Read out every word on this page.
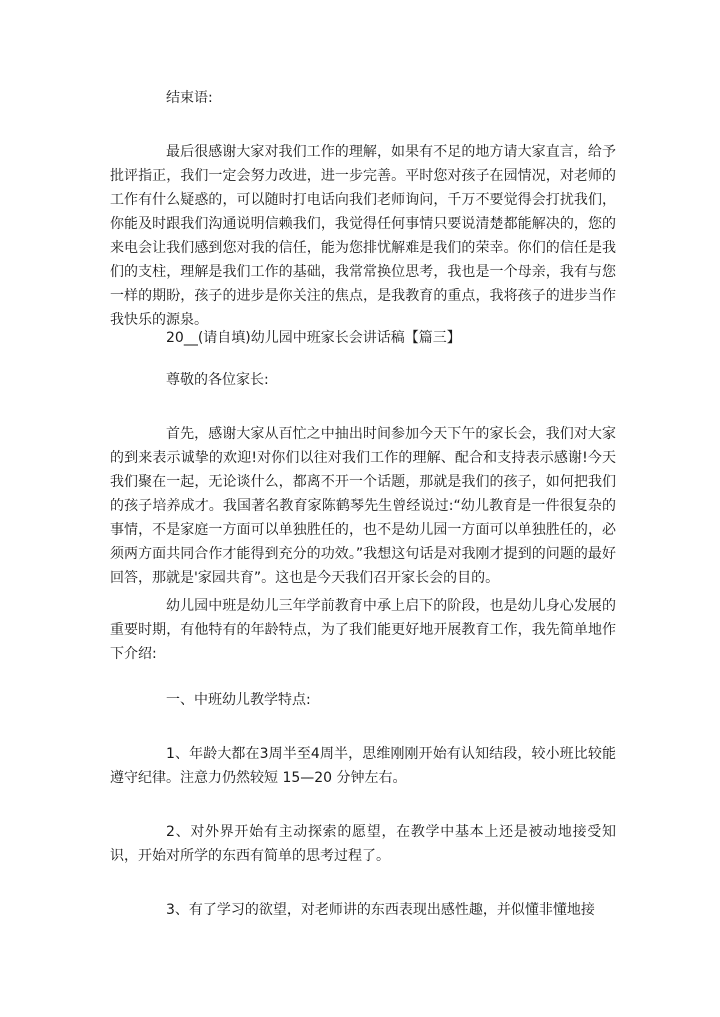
结束语:

最后很感谢大家对我们工作的理解，如果有不足的地方请大家直言，给予批评指正，我们一定会努力改进，进一步完善。平时您对孩子在园情况，对老师的工作有什么疑惑的，可以随时打电话向我们老师询问，千万不要觉得会打扰我们，你能及时跟我们沟通说明信赖我们，我觉得任何事情只要说清楚都能解决的，您的来电会让我们感到您对我的信任，能为您排忧解难是我们的荣幸。你们的信任是我们的支柱，理解是我们工作的基础，我常常换位思考，我也是一个母亲，我有与您一样的期盼，孩子的进步是你关注的焦点，是我教育的重点，我将孩子的进步当作我快乐的源泉。

20__(请自填)幼儿园中班家长会讲话稿【篇三】

尊敬的各位家长:

首先，感谢大家从百忙之中抽出时间参加今天下午的家长会，我们对大家的到来表示诚挚的欢迎!对你们以往对我们工作的理解、配合和支持表示感谢!今天我们聚在一起，无论谈什么，都离不开一个话题，那就是我们的孩子，如何把我们的孩子培养成才。我国著名教育家陈鹤琴先生曾经说过:“幼儿教育是一件很复杂的事情，不是家庭一方面可以单独胜任的，也不是幼儿园一方面可以单独胜任的，必须两方面共同合作才能得到充分的功效。”我想这句话是对我刚才提到的问题的最好回答，那就是'家园共育”。这也是今天我们召开家长会的目的。

幼儿园中班是幼儿三年学前教育中承上启下的阶段，也是幼儿身心发展的重要时期，有他特有的年龄特点，为了我们能更好地开展教育工作，我先简单地作下介绍:

一、中班幼儿教学特点:

1、年龄大都在3周半至4周半，思维刚刚开始有认知结段，较小班比较能遵守纪律。注意力仍然较短 15—20 分钟左右。

2、对外界开始有主动探索的愿望，在教学中基本上还是被动地接受知识，开始对所学的东西有简单的思考过程了。

3、有了学习的欲望，对老师讲的东西表现出感性趣，并似懂非懂地接
